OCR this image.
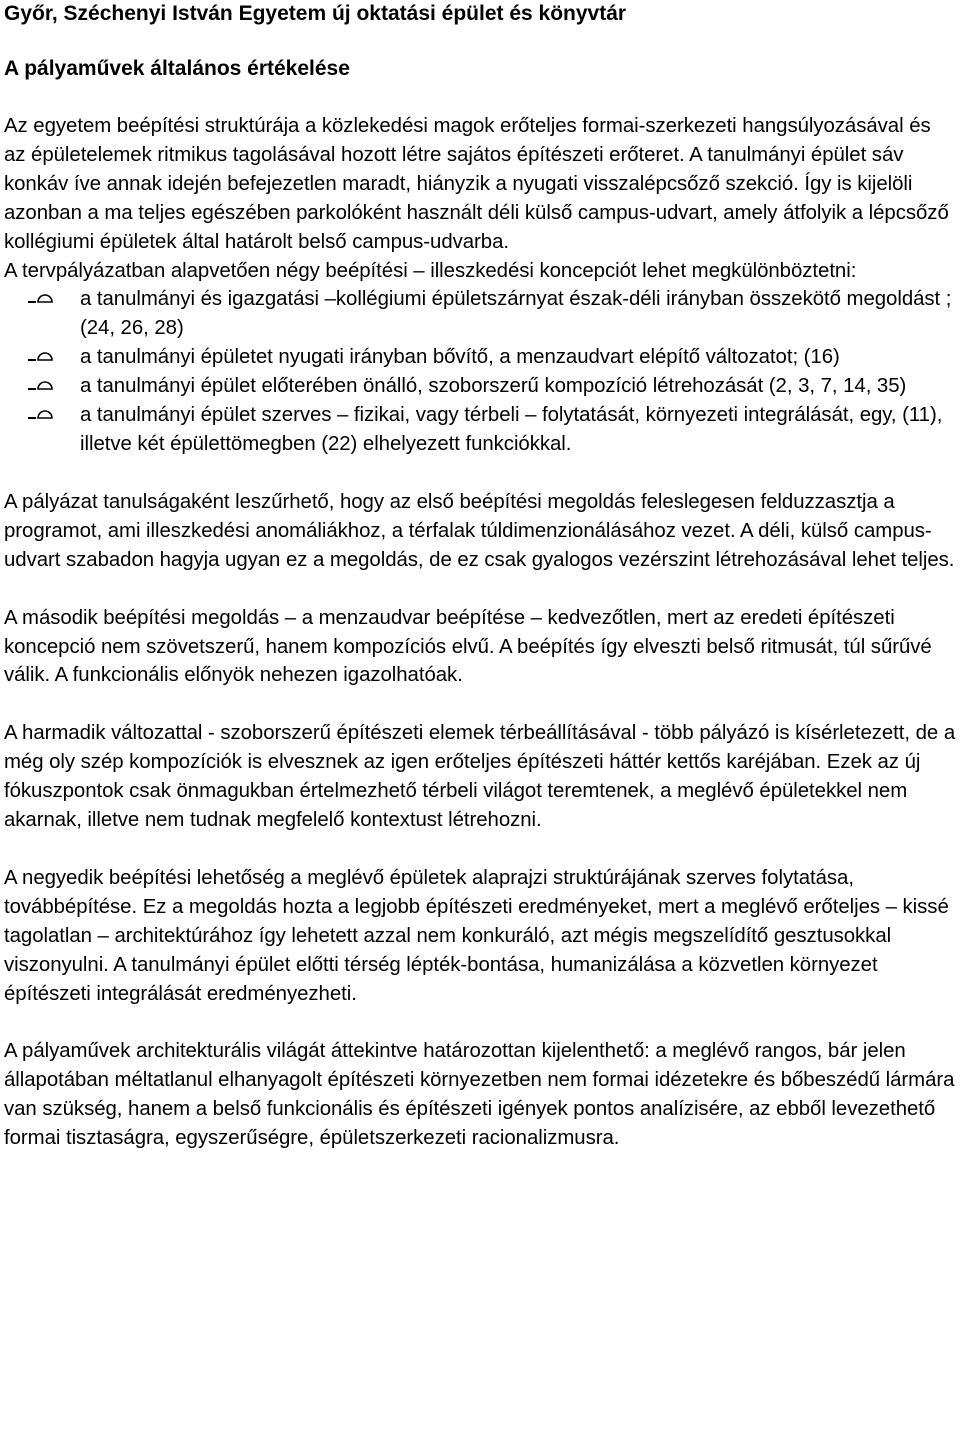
Győr, Széchenyi István Egyetem új oktatási épület és könyvtár
A pályaművek általános értékelése

Az egyetem beépítési struktúrája a közlekedési magok erőteljes formai-szerkezeti hangsúlyozásával és az épületelemek ritmikus tagolásával hozott létre sajátos építészeti erőteret. A tanulmányi épület sáv konkáv íve annak idején befejezetlen maradt, hiányzik a nyugati visszalépcsőző szekció. Így is kijelöli azonban a ma teljes egészében parkolóként használt déli külső campus-udvart, amely átfolyik a lépcsőző kollégiumi épületek által határolt belső campus-udvarba.

A tervpályázatban alapvetően négy beépítési – illeszkedési koncepciót lehet megkülönböztetni:

a tanulmányi és igazgatási –kollégiumi épületszárnyat észak-déli irányban összekötő megoldást ; (24, 26, 28)
a tanulmányi épületet nyugati irányban bővítő, a menzaudvart elépítő változatot; (16)
a tanulmányi épület előterében önálló, szoborszerű kompozíció létrehozását (2, 3, 7, 14, 35)
a tanulmányi épület szerves – fizikai, vagy térbeli – folytatását, környezeti integrálását, egy, (11), illetve két épülettömegben (22) elhelyezett funkciókkal.

A pályázat tanulságaként leszűrhető, hogy az első beépítési megoldás feleslegesen felduzzasztja a programot, ami illeszkedési anomáliákhoz, a térfalak túldimenzionálásához vezet. A déli, külső campus-udvart szabadon hagyja ugyan ez a megoldás, de ez csak gyalogos vezérszint létrehozásával lehet teljes.

A második beépítési megoldás – a menzaudvar beépítése – kedvezőtlen, mert az eredeti építészeti koncepció nem szövetszerű, hanem kompozíciós elvű. A beépítés így elveszti belső ritmusát, túl sűrűvé válik. A funkcionális előnyök nehezen igazolhatóak.

A harmadik változattal - szoborszerű építészeti elemek térbeállításával - több pályázó is kísérletezett, de a még oly szép kompozíciók is elvesznek az igen erőteljes építészeti háttér kettős karéjában. Ezek az új fókuszpontok csak önmagukban értelmezhető térbeli világot teremtenek, a meglévő épületekkel nem akarnak, illetve nem tudnak megfelelő kontextust létrehozni.

A negyedik beépítési lehetőség a meglévő épületek alaprajzi struktúrájának szerves folytatása, továbbépítése. Ez a megoldás hozta a legjobb építészeti eredményeket, mert a meglévő erőteljes – kissé tagolatlan – architektúrához így lehetett azzal nem konkuráló, azt mégis megszelídítő gesztusokkal viszonyulni. A tanulmányi épület előtti térség lépték-bontása, humanizálása a közvetlen környezet építészeti integrálását eredményezheti.

A pályaművek architekturális világát áttekintve határozottan kijelenthető: a meglévő rangos, bár jelen állapotában méltatlanul elhanyagolt építészeti környezetben nem formai idézetekre és bőbeszédű lármára van szükség, hanem a belső funkcionális és építészeti igények pontos analízisére, az ebből levezethető formai tisztaságra, egyszerűségre, épületszerkezeti racionalizmusra.
